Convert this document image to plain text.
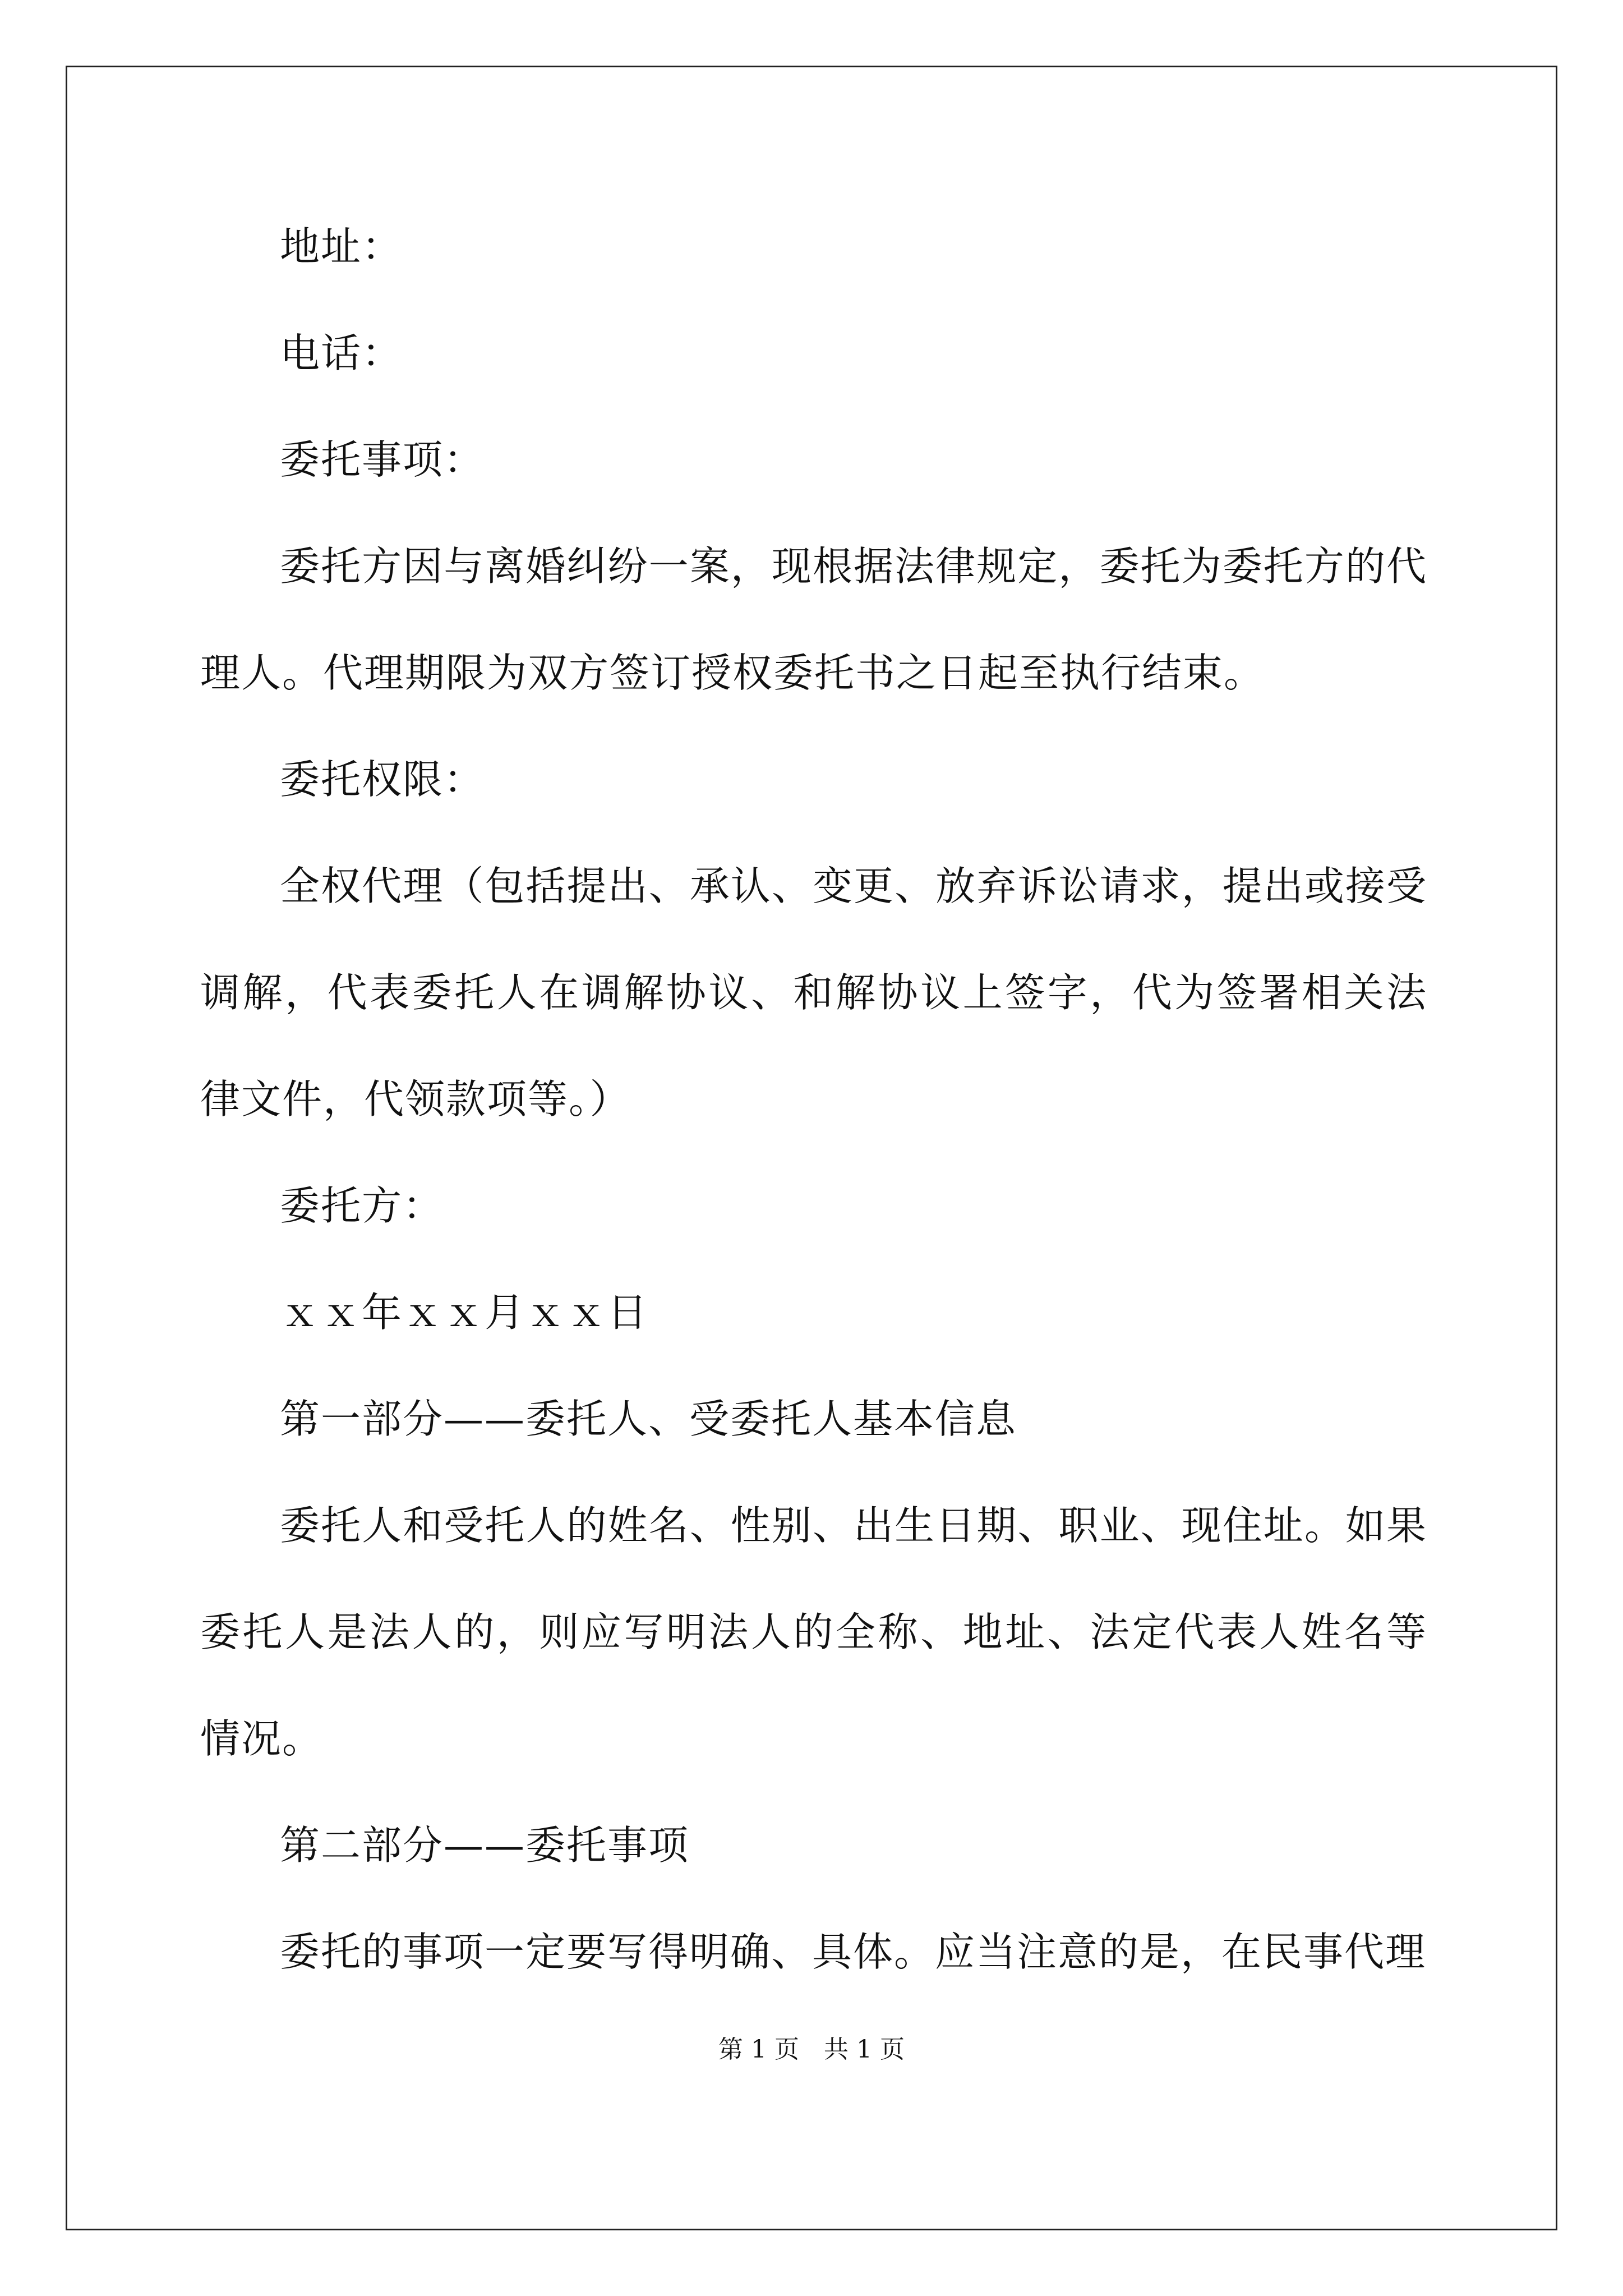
地址：

电话：

委托事项：

委托方因与离婚纠纷一案，现根据法律规定，委托为委托方的代理人。代理期限为双方签订授权委托书之日起至执行结束。

委托权限：

全权代理（包括提出、承认、变更、放弃诉讼请求，提出或接受调解，代表委托人在调解协议、和解协议上签字，代为签署相关法律文件，代领款项等。）

委托方：

ｘｘ年ｘｘ月ｘｘ日

第一部分——委托人、受委托人基本信息

委托人和受托人的姓名、性别、出生日期、职业、现住址。如果委托人是法人的，则应写明法人的全称、地址、法定代表人姓名等情况。

第二部分——委托事项

委托的事项一定要写得明确、具体。应当注意的是，在民事代理

第 1 页　共 1 页
